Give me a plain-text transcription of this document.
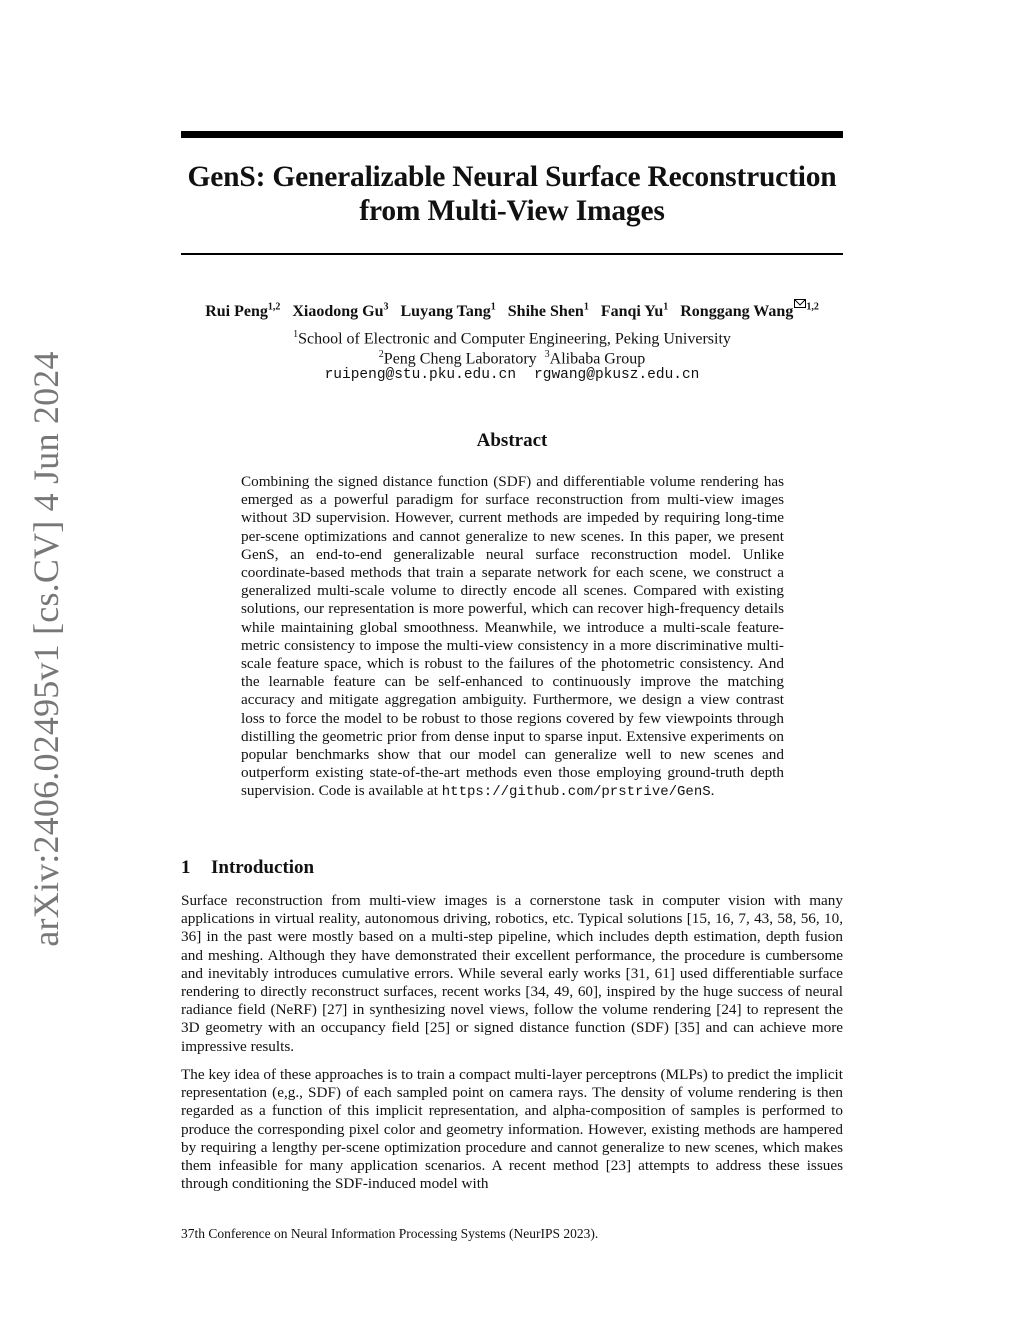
arXiv:2406.02495v1 [cs.CV] 4 Jun 2024
GenS: Generalizable Neural Surface Reconstruction
from Multi-View Images
Rui Peng$^{1,2}$ Xiaodong Gu$^3$ Luyang Tang$^1$ Shihe Shen$^1$ Fanqi Yu$^1$ Ronggang Wang $^{1,2}$
$^1$School of Electronic and Computer Engineering, Peking University
$^2$Peng Cheng Laboratory $^3$Alibaba Group
ruipeng@stu.pku.edu.cn rgwang@pkusz.edu.cn
Abstract

Combining the signed distance function (SDF) and differentiable volume rendering has emerged as a powerful paradigm for surface reconstruction from multi-view images without 3D supervision. However, current methods are impeded by requiring long-time per-scene optimizations and cannot generalize to new scenes. In this paper, we present GenS, an end-to-end generalizable neural surface reconstruction model. Unlike coordinate-based methods that train a separate network for each scene, we construct a generalized multi-scale volume to directly encode all scenes. Compared with existing solutions, our representation is more powerful, which can recover high-frequency details while maintaining global smoothness. Meanwhile, we introduce a multi-scale feature-metric consistency to impose the multi-view consistency in a more discriminative multi-scale feature space, which is robust to the failures of the photometric consistency. And the learnable feature can be self-enhanced to continuously improve the matching accuracy and mitigate aggregation ambiguity. Furthermore, we design a view contrast loss to force the model to be robust to those regions covered by few viewpoints through distilling the geometric prior from dense input to sparse input. Extensive experiments on popular benchmarks show that our model can generalize well to new scenes and outperform existing state-of-the-art methods even those employing ground-truth depth supervision. Code is available at https://github.com/prstrive/GenS.

1 Introduction

Surface reconstruction from multi-view images is a cornerstone task in computer vision with many applications in virtual reality, autonomous driving, robotics, etc. Typical solutions [15, 16, 7, 43, 58, 56, 10, 36] in the past were mostly based on a multi-step pipeline, which includes depth estimation, depth fusion and meshing. Although they have demonstrated their excellent performance, the procedure is cumbersome and inevitably introduces cumulative errors. While several early works [31, 61] used differentiable surface rendering to directly reconstruct surfaces, recent works [34, 49, 60], inspired by the huge success of neural radiance field (NeRF) [27] in synthesizing novel views, follow the volume rendering [24] to represent the 3D geometry with an occupancy field [25] or signed distance function (SDF) [35] and can achieve more impressive results.

The key idea of these approaches is to train a compact multi-layer perceptrons (MLPs) to predict the implicit representation (e,g., SDF) of each sampled point on camera rays. The density of volume rendering is then regarded as a function of this implicit representation, and alpha-composition of samples is performed to produce the corresponding pixel color and geometry information. However, existing methods are hampered by requiring a lengthy per-scene optimization procedure and cannot generalize to new scenes, which makes them infeasible for many application scenarios. A recent method [23] attempts to address these issues through conditioning the SDF-induced model with

37th Conference on Neural Information Processing Systems (NeurIPS 2023).
